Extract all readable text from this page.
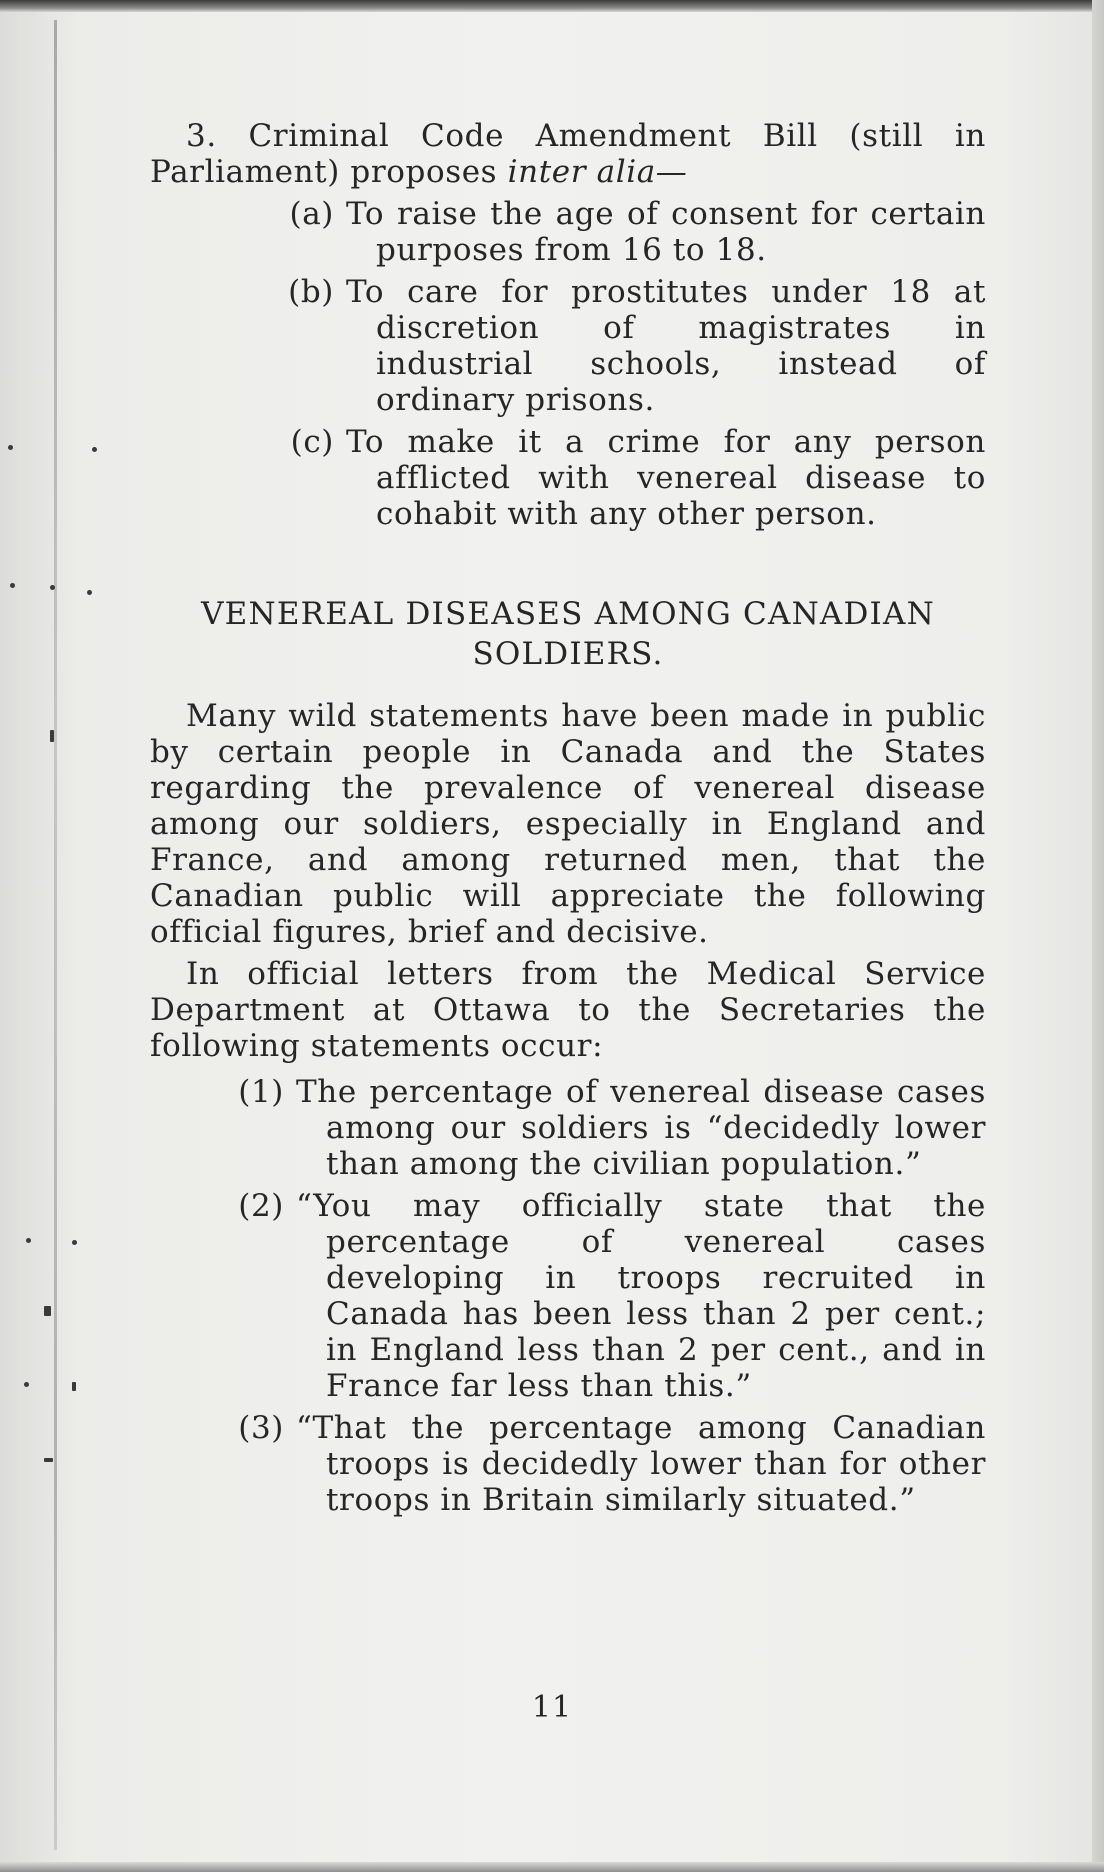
3. Criminal Code Amendment Bill (still in Parliament) proposes inter alia—

(a) To raise the age of consent for certain purposes from 16 to 18.
(b) To care for prostitutes under 18 at discretion of magistrates in industrial schools, instead of ordinary prisons.
(c) To make it a crime for any person afflicted with venereal disease to cohabit with any other person.

VENEREAL DISEASES AMONG CANADIAN SOLDIERS.

Many wild statements have been made in public by certain people in Canada and the States regarding the prevalence of venereal disease among our soldiers, especially in England and France, and among returned men, that the Canadian public will appreciate the following official figures, brief and decisive.

In official letters from the Medical Service Department at Ottawa to the Secretaries the following statements occur:

(1) The percentage of venereal disease cases among our soldiers is “decidedly lower than among the civilian population.”
(2) “You may officially state that the percentage of venereal cases developing in troops recruited in Canada has been less than 2 per cent.; in England less than 2 per cent., and in France far less than this.”
(3) “That the percentage among Canadian troops is decidedly lower than for other troops in Britain similarly situated.”
11
